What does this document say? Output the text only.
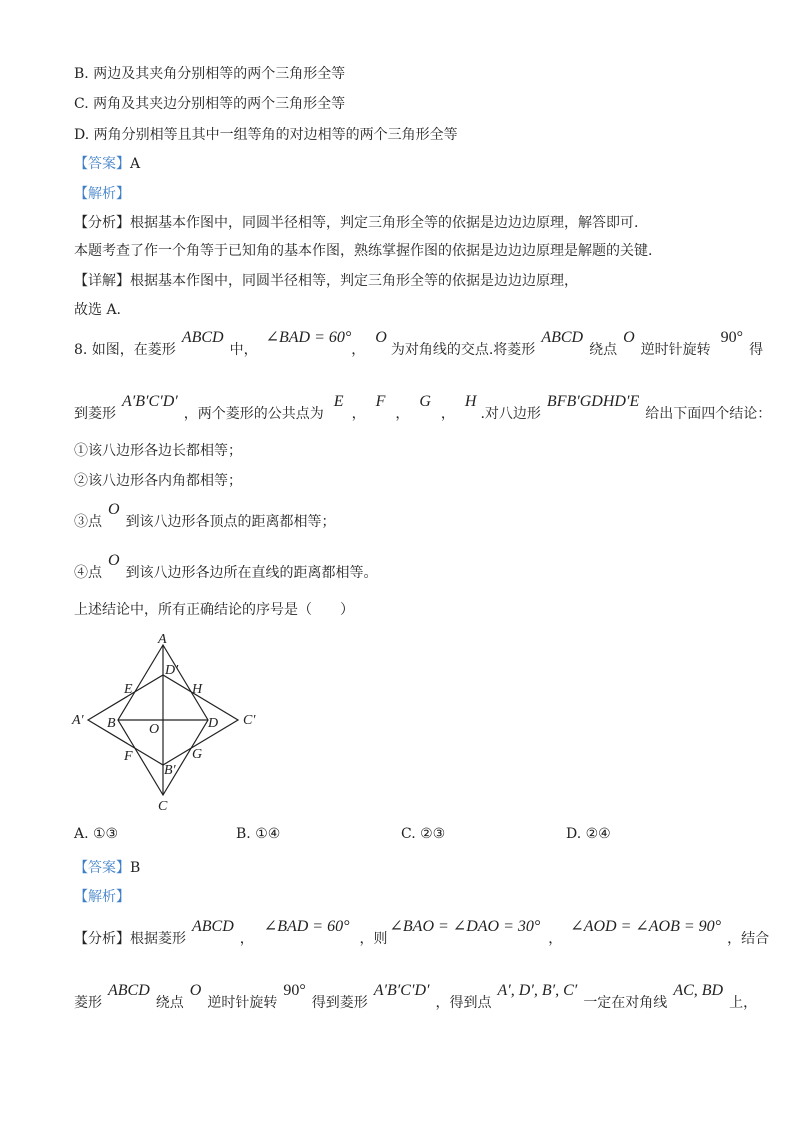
B. 两边及其夹角分别相等的两个三角形全等
C. 两角及其夹边分别相等的两个三角形全等
D. 两角分别相等且其中一组等角的对边相等的两个三角形全等
【答案】A
【解析】
【分析】根据基本作图中，同圆半径相等，判定三角形全等的依据是边边边原理，解答即可.
本题考查了作一个角等于已知角的基本作图，熟练掌握作图的依据是边边边原理是解题的关键.
【详解】根据基本作图中，同圆半径相等，判定三角形全等的依据是边边边原理，
故选 A.
8. 如图，在菱形ABCD中，∠BAD = 60°，O为对角线的交点.将菱形ABCD绕点O逆时针旋转90°得
到菱形A′B′C′D′，两个菱形的公共点为E，F，G，H.对八边形BFB′GDHD′E给出下面四个结论：
①该八边形各边长都相等；
②该八边形各内角都相等；
③点O到该八边形各顶点的距离都相等；
④点O到该八边形各边所在直线的距离都相等。
上述结论中，所有正确结论的序号是（　　）
A
D′
E	H
A′ B O	D C′
F	G
B′
C
A. ①③	B. ①④	C. ②③	D. ②④
【答案】B
【解析】
【分析】根据菱形ABCD，∠BAD = 60°，则∠BAO = ∠DAO = 30°，∠AOD = ∠AOB = 90°，结合
菱形ABCD绕点O逆时针旋转90°得到菱形A′B′C′D′，得到点A′, D′, B′, C′一定在对角线AC, BD上，
